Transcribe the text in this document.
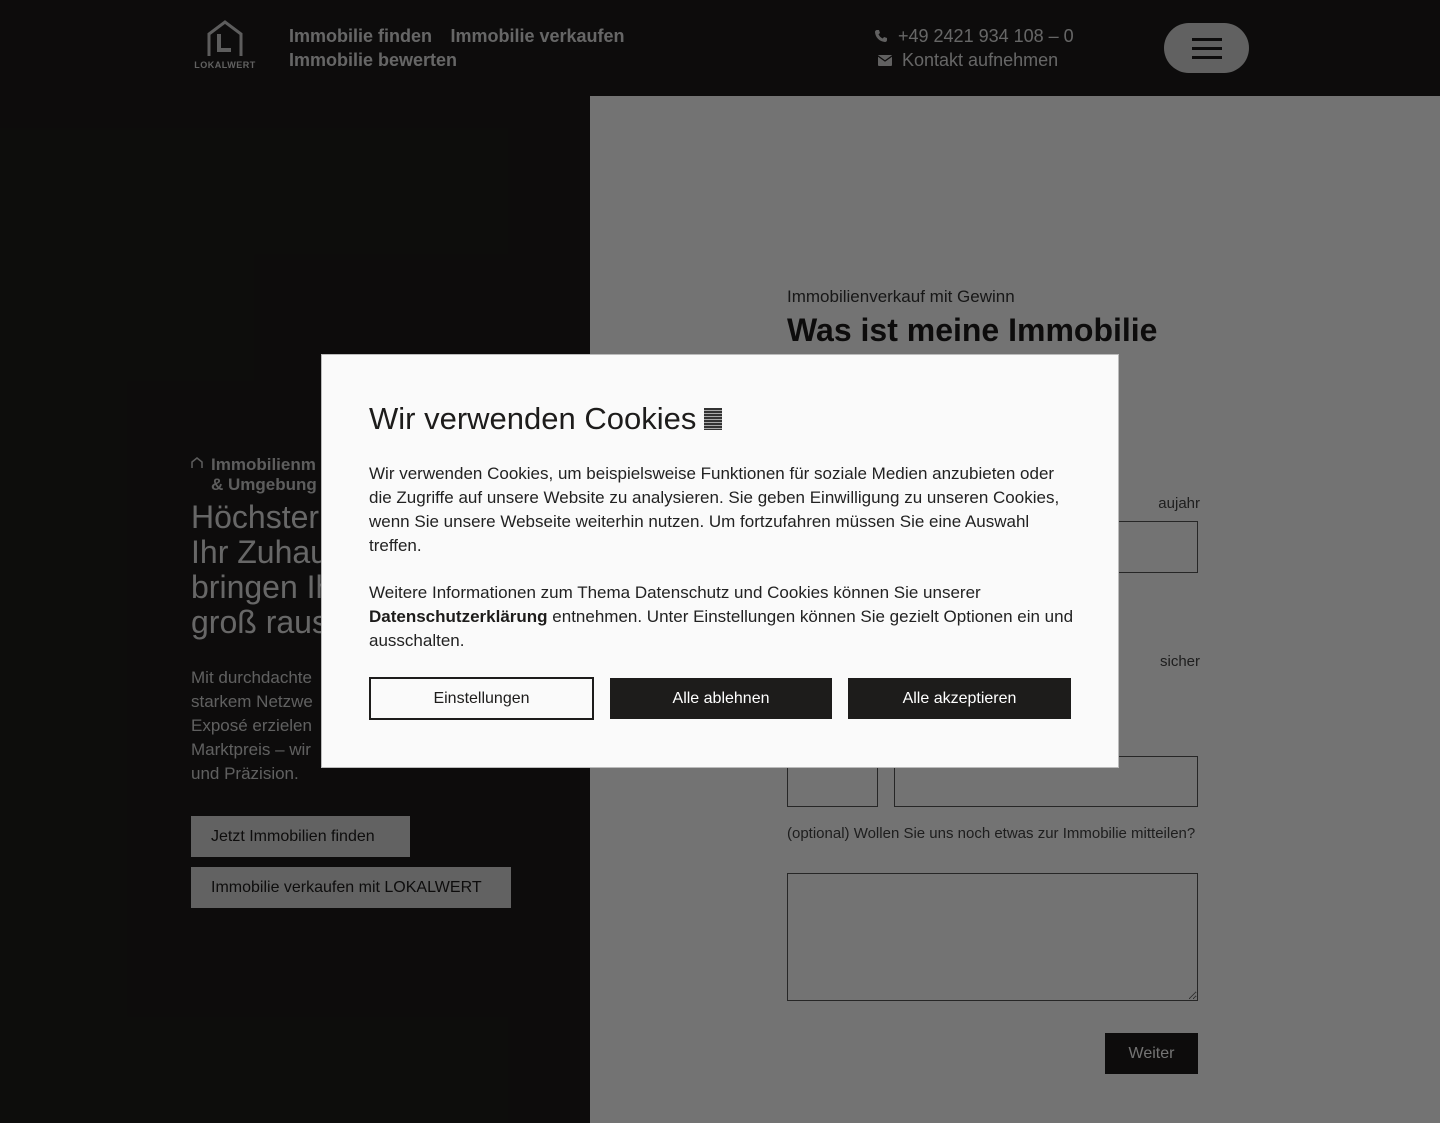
Wir verwenden Cookies

Wir verwenden Cookies, um beispielsweise Funktionen für soziale Medien anzubieten oder die Zugriffe auf unsere Website zu analysieren. Sie geben Einwilligung zu unseren Cookies, wenn Sie unsere Webseite weiterhin nutzen. Um fortzufahren müssen Sie eine Auswahl treffen.

Weitere Informationen zum Thema Datenschutz und Cookies können Sie unserer
Datenschutzerklärung entnehmen. Unter Einstellungen können Sie gezielt Optionen ein und ausschalten.

Einstellungen	Alle ablehnen	Alle akzeptieren
